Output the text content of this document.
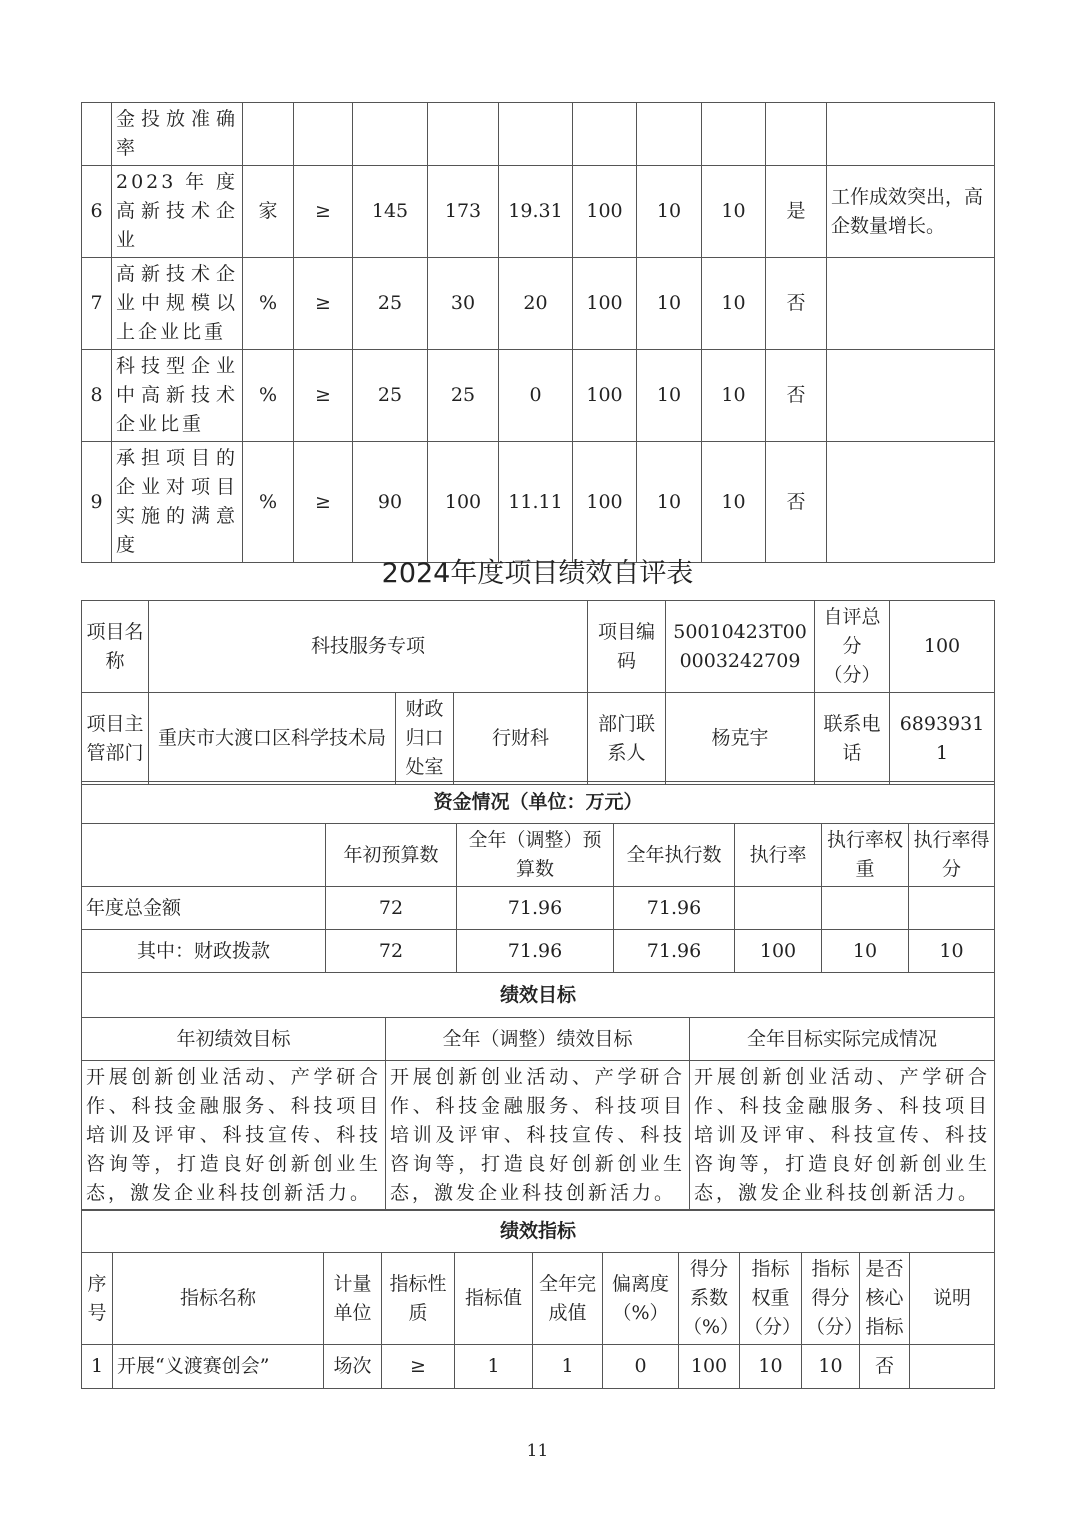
	金投放准确率										
6	2023年度高新技术企业	家	≥	145	173	19.31	100	10	10	是	工作成效突出，高企数量增长。
7	高新技术企业中规模以上企业比重	%	≥	25	30	20	100	10	10	否	
8	科技型企业中高新技术企业比重	%	≥	25	25	0	100	10	10	否	
9	承担项目的企业对项目实施的满意度	%	≥	90	100	11.11	100	10	10	否	
2024年度项目绩效自评表
项目名称	科技服务专项			项目编码	50010423T000003242709	自评总分（分）	100
项目主管部门	重庆市大渡口区科学技术局	财政归口处室	行财科	部门联系人	杨克宇	联系电话	68939311
资金情况（单位：万元）						
	年初预算数	全年（调整）预算数	全年执行数	执行率	执行率权重	执行率得分
年度总金额	72	71.96	71.96			
其中：财政拨款	72	71.96	71.96	100	10	10
绩效目标		
年初绩效目标	全年（调整）绩效目标	全年目标实际完成情况
开展创新创业活动、产学研合作、科技金融服务、科技项目培训及评审、科技宣传、科技咨询等，打造良好创新创业生态，激发企业科技创新活力。	开展创新创业活动、产学研合作、科技金融服务、科技项目培训及评审、科技宣传、科技咨询等，打造良好创新创业生态，激发企业科技创新活力。	开展创新创业活动、产学研合作、科技金融服务、科技项目培训及评审、科技宣传、科技咨询等，打造良好创新创业生态，激发企业科技创新活力。
绩效指标											
序号	指标名称	计量单位	指标性质	指标值	全年完成值	偏离度（%）	得分系数（%）	指标权重（分）	指标得分（分）	是否核心指标	说明
1	开展“义渡赛创会”	场次	≥	1	1	0	100	10	10	否	
11
